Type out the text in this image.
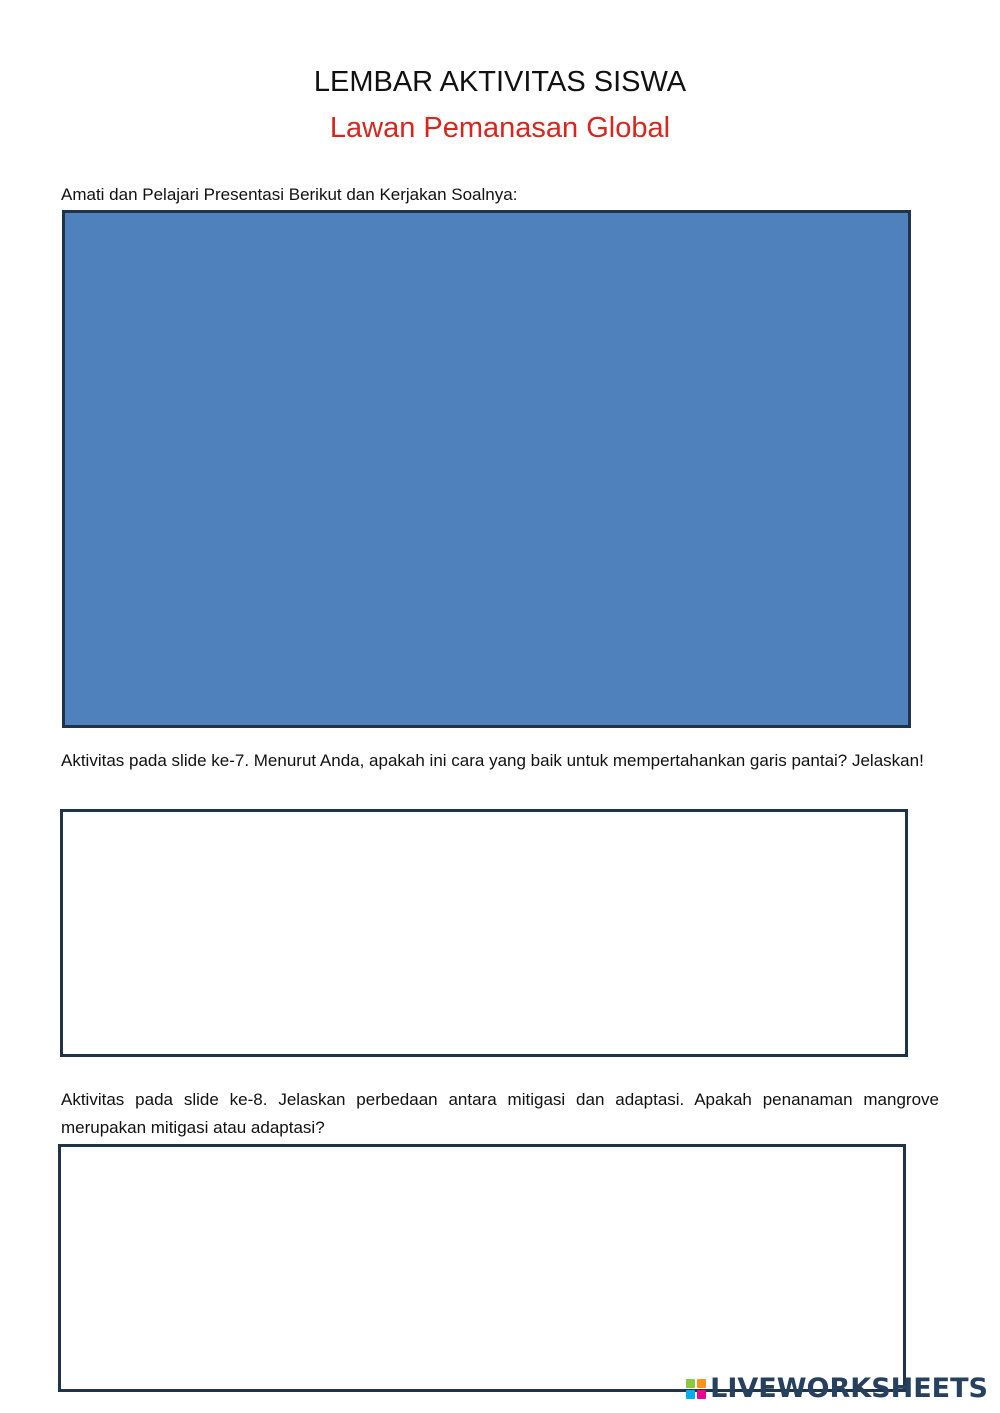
LEMBAR AKTIVITAS SISWA
Lawan Pemanasan Global
Amati dan Pelajari Presentasi Berikut dan Kerjakan Soalnya:
Aktivitas pada slide ke-7. Menurut Anda, apakah ini cara yang baik untuk mempertahankan garis pantai? Jelaskan!
Aktivitas pada slide ke-8. Jelaskan perbedaan antara mitigasi dan adaptasi. Apakah penanaman mangrove merupakan mitigasi atau adaptasi?
LIVEWORKSHEETS
